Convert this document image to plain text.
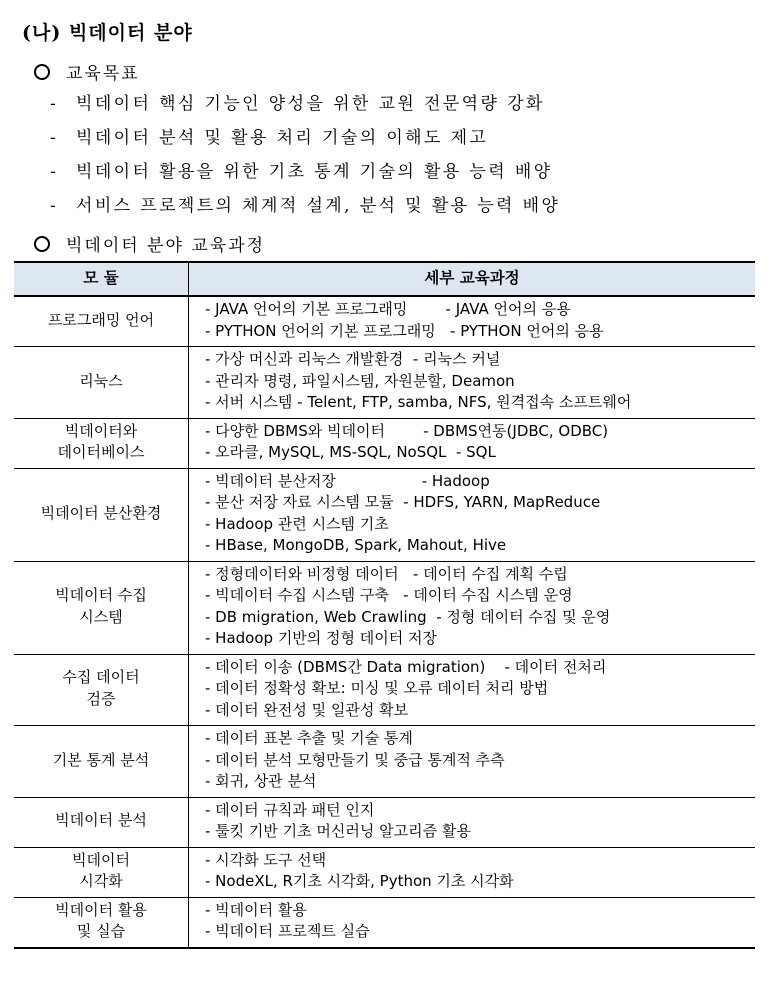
(나) 빅데이터 분야
교육목표
- 빅데이터 핵심 기능인 양성을 위한 교원 전문역량 강화
- 빅데이터 분석 및 활용 처리 기술의 이해도 제고
- 빅데이터 활용을 위한 기초 통계 기술의 활용 능력 배양
- 서비스 프로젝트의 체계적 설계, 분석 및 활용 능력 배양
빅데이터 분야 교육과정
모 듈	세부 교육과정

프로그래밍 언어	- JAVA 언어의 기본 프로그래밍        - JAVA 언어의 응용
- PYTHON 언어의 기본 프로그래밍   - PYTHON 언어의 응용

리눅스	- 가상 머신과 리눅스 개발환경  - 리눅스 커널
- 관리자 명령, 파일시스템, 자원분할, Deamon
- 서버 시스템 - Telent, FTP, samba, NFS, 원격접속 소프트웨어

빅데이터와
데이터베이스	- 다양한 DBMS와 빅데이터        - DBMS연동(JDBC, ODBC)
- 오라클, MySQL, MS-SQL, NoSQL  - SQL

빅데이터 분산환경	- 빅데이터 분산저장                  - Hadoop
- 분산 저장 자료 시스템 모듈  - HDFS, YARN, MapReduce
- Hadoop 관련 시스템 기초
- HBase, MongoDB, Spark, Mahout, Hive

빅데이터 수집
시스템	- 정형데이터와 비정형 데이터   - 데이터 수집 계획 수립
- 빅데이터 수집 시스템 구축   - 데이터 수집 시스템 운영
- DB migration, Web Crawling  - 정형 데이터 수집 및 운영
- Hadoop 기반의 정형 데이터 저장

수집 데이터
검증	- 데이터 이송 (DBMS간 Data migration)    - 데이터 전처리
- 데이터 정확성 확보: 미싱 및 오류 데이터 처리 방법
- 데이터 완전성 및 일관성 확보

기본 통계 분석	- 데이터 표본 추출 및 기술 통계
- 데이터 분석 모형만들기 및 중급 통계적 추측
- 회귀, 상관 분석

빅데이터 분석	- 데이터 규칙과 패턴 인지
- 툴킷 기반 기초 머신러닝 알고리즘 활용

빅데이터
시각화	- 시각화 도구 선택
- NodeXL, R기초 시각화, Python 기초 시각화

빅데이터 활용
및 실습	- 빅데이터 활용
- 빅데이터 프로젝트 실습
